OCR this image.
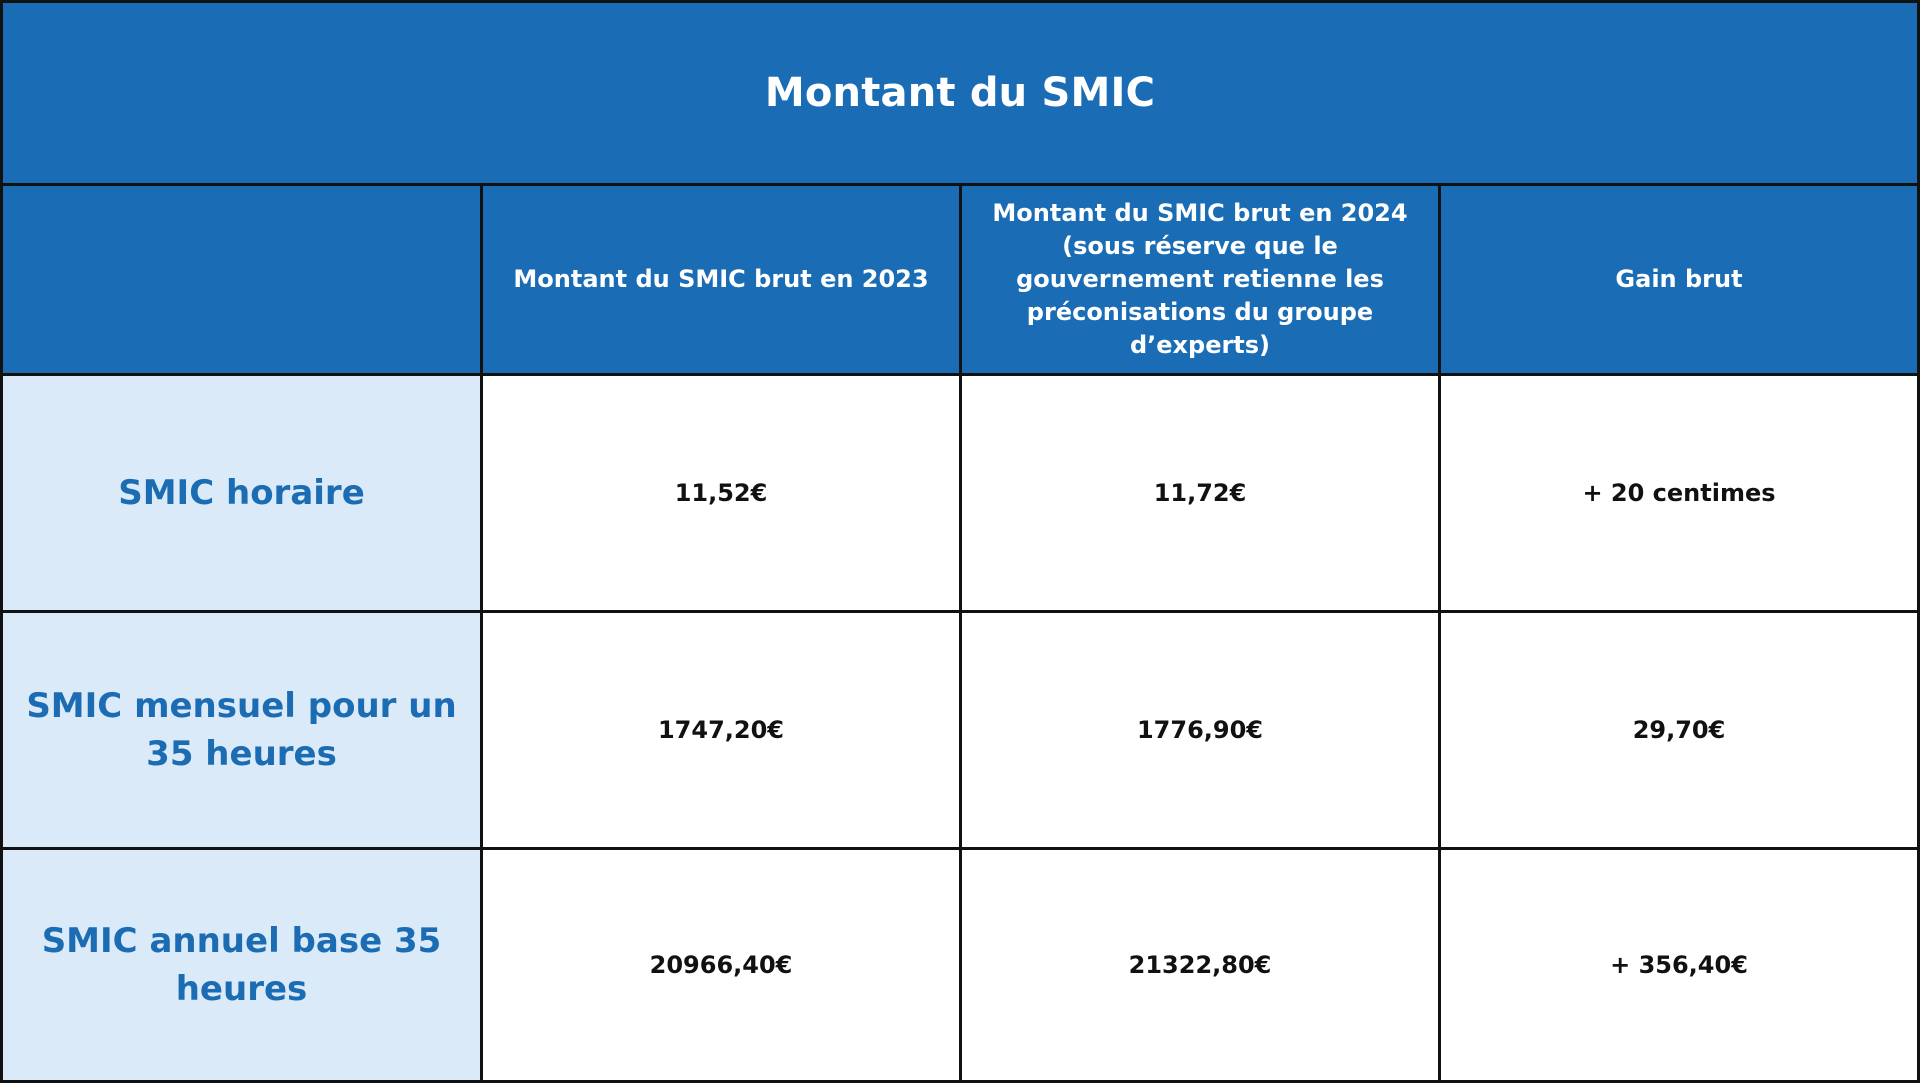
Montant du SMIC			
	Montant du SMIC brut en 2023	Montant du SMIC brut en 2024 (sous réserve que le gouvernement retienne les préconisations du groupe d’experts)	Gain brut
SMIC horaire	11,52€	11,72€	+ 20 centimes
SMIC mensuel pour un 35 heures	1747,20€	1776,90€	29,70€
SMIC annuel base 35 heures	20966,40€	21322,80€	+ 356,40€
